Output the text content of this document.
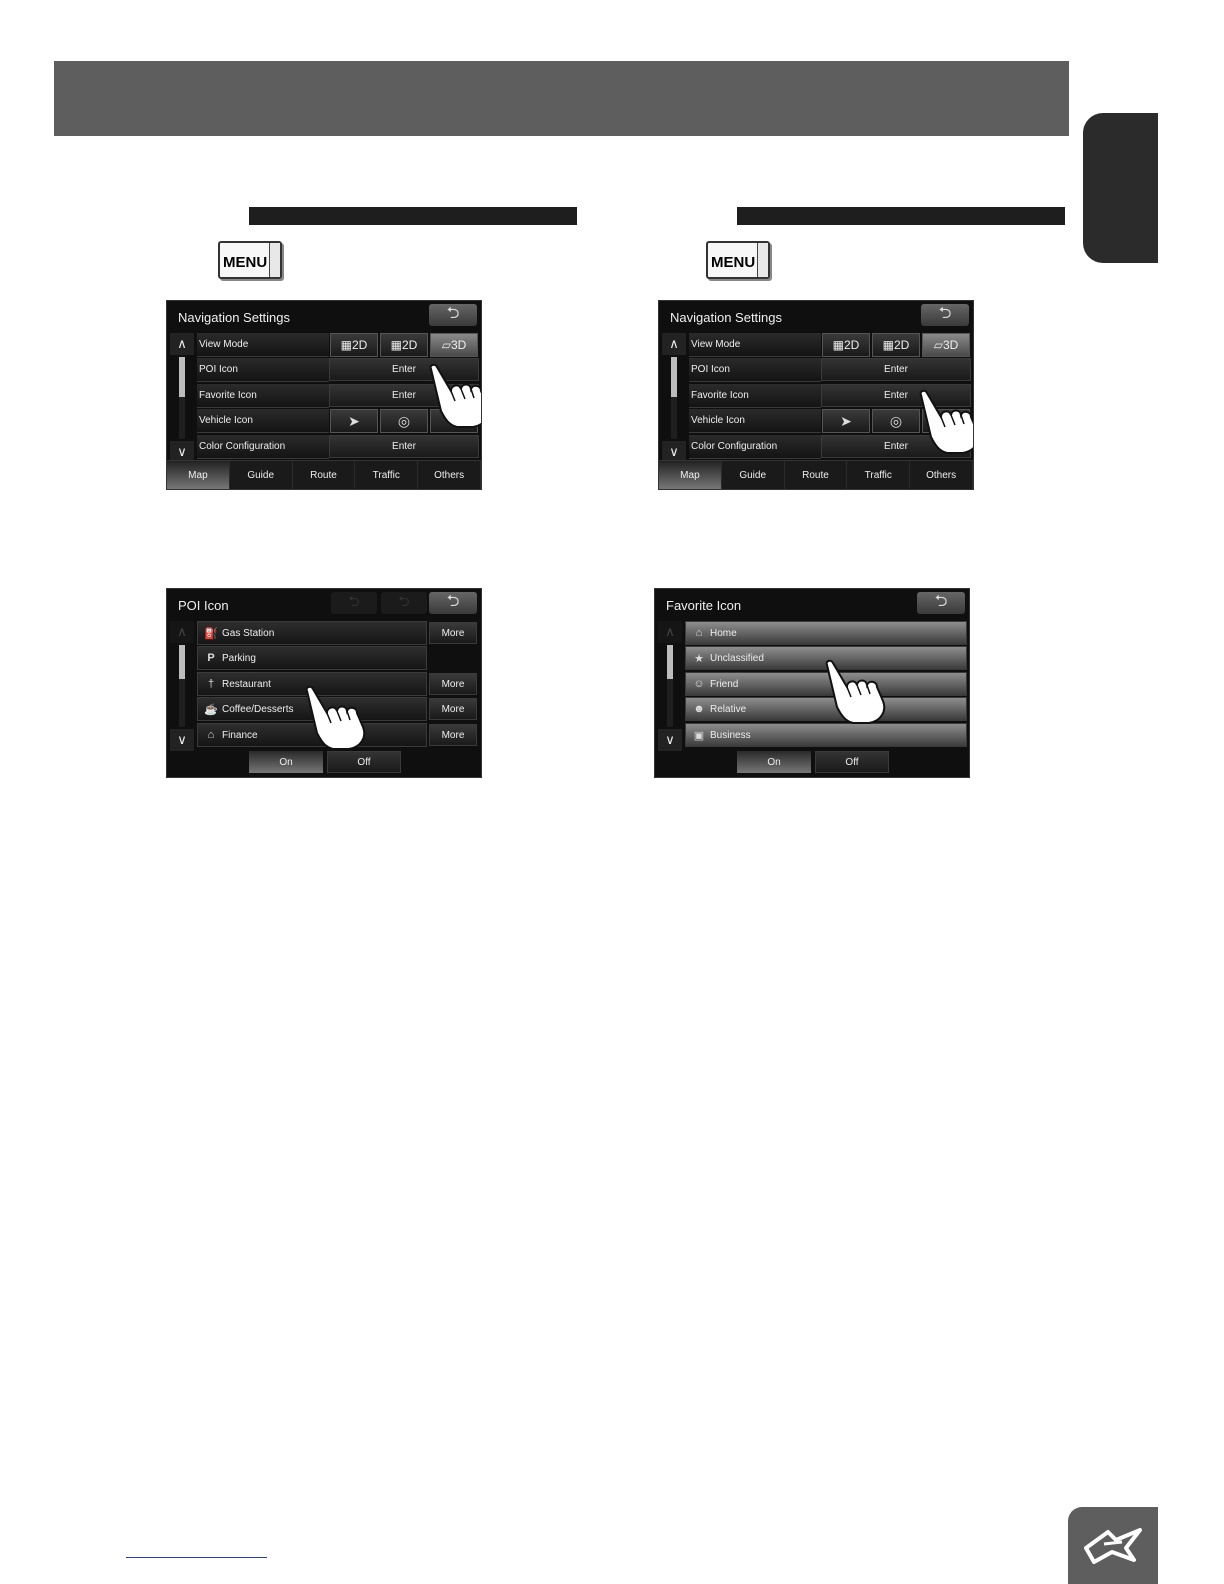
MENU	MENU
Navigation Settings	⮌
∧
∨
View Mode	▦ 2D ▦ 2D ▱ 3D
POI Icon	Enter
Favorite Icon	Enter
Vehicle Icon	➤	◎
Color Configuration	Enter
Map	Guide	Route	Traffic	Others
Navigation Settings	⮌
∧
∨
View Mode	▦ 2D ▦ 2D ▱ 3D
POI Icon	Enter
Favorite Icon	Enter
Vehicle Icon	➤	◎
Color Configuration	Enter
Map	Guide	Route	Traffic	Others
POI Icon	⮌	⮌ ⮌
∧
∨
⛽ Gas Station	More
P Parking
† Restaurant	More
☕ Coffee/Desserts	More
⌂ Finance	More
On	Off
Favorite Icon	⮌
∧
∨
⌂ Home
★ Unclassified
☺ Friend
☻ Relative
▣ Business
On	Off
